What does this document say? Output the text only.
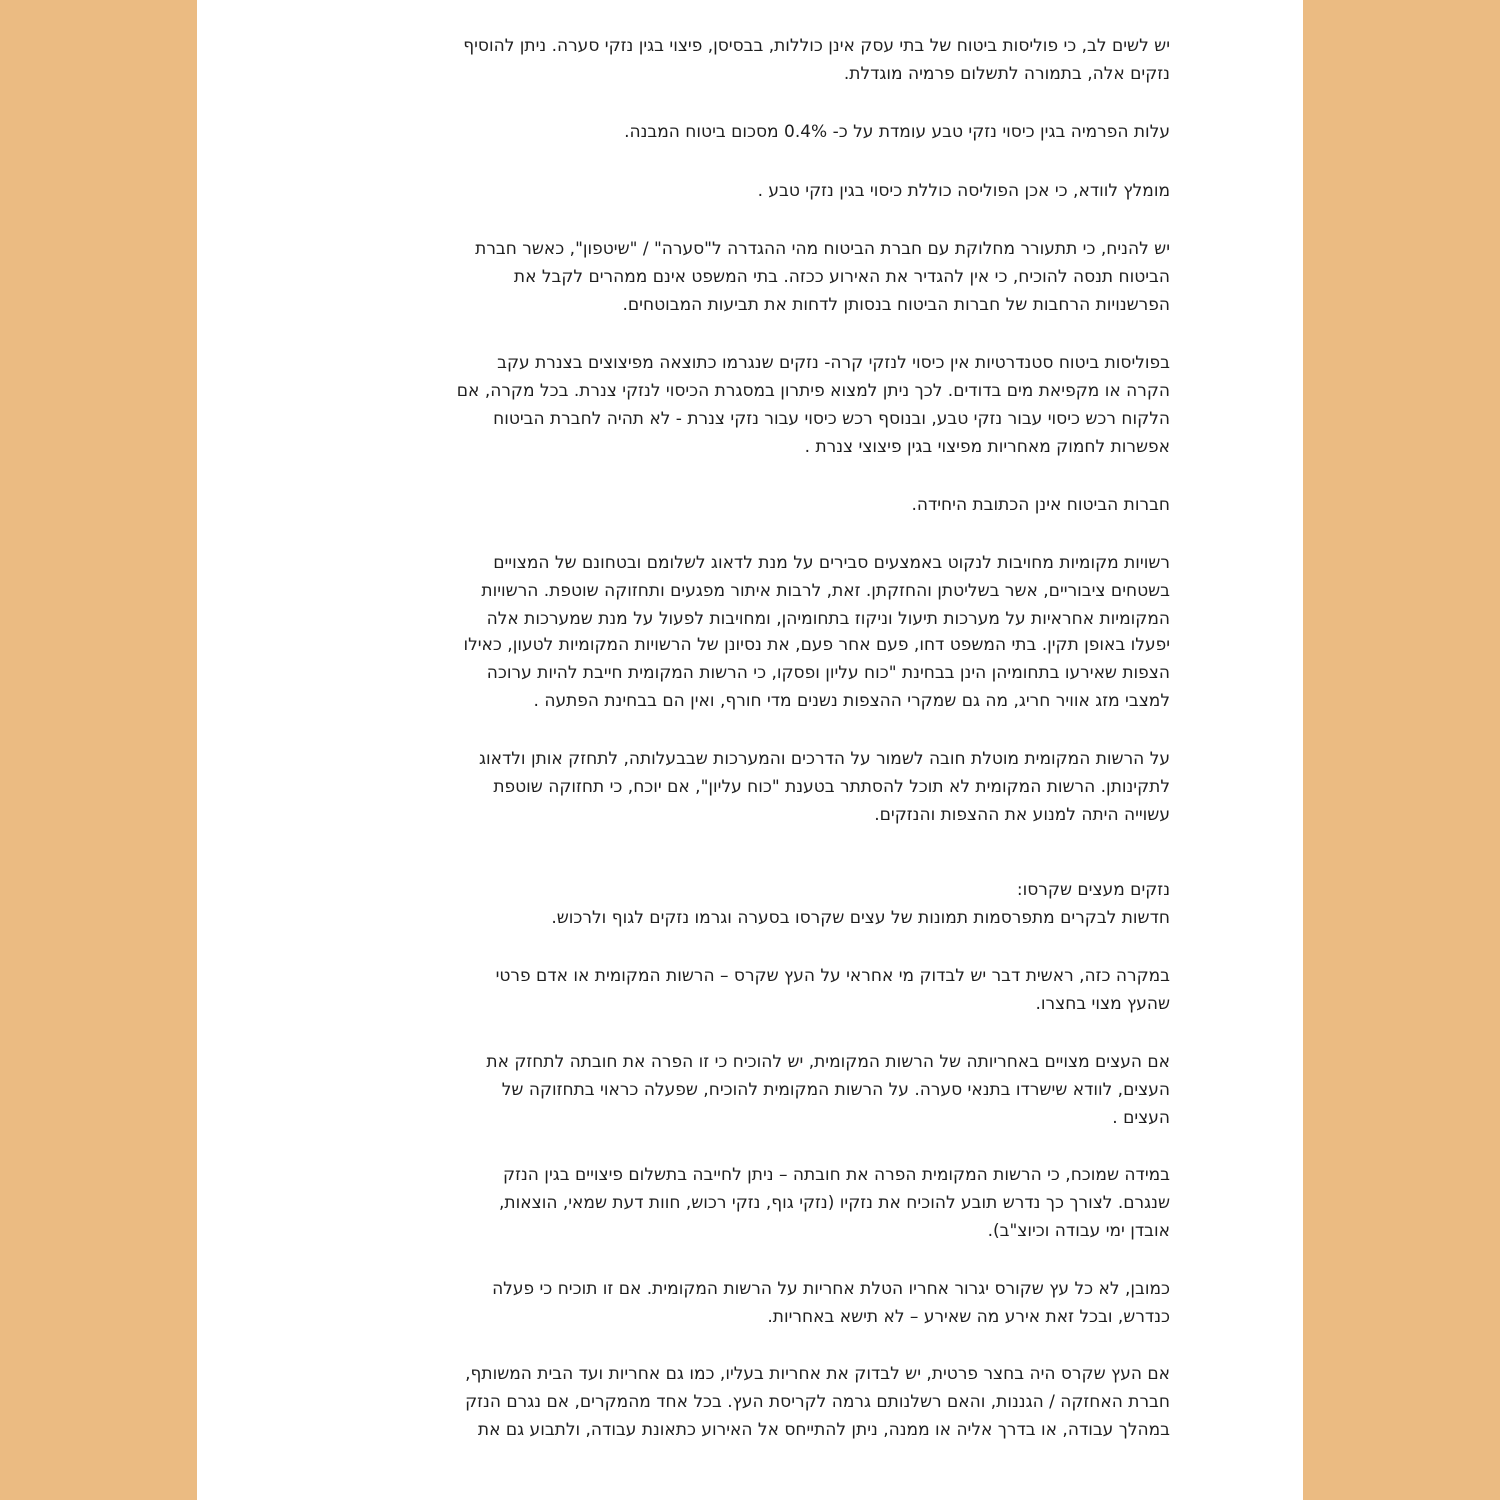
יש לשים לב, כי פוליסות ביטוח של בתי עסק אינן כוללות, בבסיסן, פיצוי בגין נזקי סערה. ניתן להוסיף
נזקים אלה, בתמורה לתשלום פרמיה מוגדלת.
עלות הפרמיה בגין כיסוי נזקי טבע עומדת על כ- 0.4% מסכום ביטוח המבנה.
מומלץ לוודא, כי אכן הפוליסה כוללת כיסוי בגין נזקי טבע .
יש להניח, כי תתעורר מחלוקת עם חברת הביטוח מהי ההגדרה ל"סערה" / "שיטפון", כאשר חברת
הביטוח תנסה להוכיח, כי אין להגדיר את האירוע ככזה. בתי המשפט אינם ממהרים לקבל את
הפרשנויות הרחבות של חברות הביטוח בנסותן לדחות את תביעות המבוטחים.
בפוליסות ביטוח סטנדרטיות אין כיסוי לנזקי קרה- נזקים שנגרמו כתוצאה מפיצוצים בצנרת עקב
הקרה או מקפיאת מים בדודים. לכך ניתן למצוא פיתרון במסגרת הכיסוי לנזקי צנרת. בכל מקרה, אם
הלקוח רכש כיסוי עבור נזקי טבע, ובנוסף רכש כיסוי עבור נזקי צנרת - לא תהיה לחברת הביטוח
אפשרות לחמוק מאחריות מפיצוי בגין פיצוצי צנרת .
חברות הביטוח אינן הכתובת היחידה.
רשויות מקומיות מחויבות לנקוט באמצעים סבירים על מנת לדאוג לשלומם ובטחונם של המצויים
בשטחים ציבוריים, אשר בשליטתן והחזקתן. זאת, לרבות איתור מפגעים ותחזוקה שוטפת. הרשויות
המקומיות אחראיות על מערכות תיעול וניקוז בתחומיהן, ומחויבות לפעול על מנת שמערכות אלה
יפעלו באופן תקין. בתי המשפט דחו, פעם אחר פעם, את נסיונן של הרשויות המקומיות לטעון, כאילו
הצפות שאירעו בתחומיהן הינן בבחינת "כוח עליון ופסקו, כי הרשות המקומית חייבת להיות ערוכה
למצבי מזג אוויר חריג, מה גם שמקרי ההצפות נשנים מדי חורף, ואין הם בבחינת הפתעה .
על הרשות המקומית מוטלת חובה לשמור על הדרכים והמערכות שבבעלותה, לתחזק אותן ולדאוג
לתקינותן. הרשות המקומית לא תוכל להסתתר בטענת "כוח עליון", אם יוכח, כי תחזוקה שוטפת
עשוייה היתה למנוע את ההצפות והנזקים.
נזקים מעצים שקרסו:
חדשות לבקרים מתפרסמות תמונות של עצים שקרסו בסערה וגרמו נזקים לגוף ולרכוש.
במקרה כזה, ראשית דבר יש לבדוק מי אחראי על העץ שקרס – הרשות המקומית או אדם פרטי
שהעץ מצוי בחצרו.
אם העצים מצויים באחריותה של הרשות המקומית, יש להוכיח כי זו הפרה את חובתה לתחזק את
העצים, לוודא שישרדו בתנאי סערה. על הרשות המקומית להוכיח, שפעלה כראוי בתחזוקה של
העצים .
במידה שמוכח, כי הרשות המקומית הפרה את חובתה – ניתן לחייבה בתשלום פיצויים בגין הנזק
שנגרם. לצורך כך נדרש תובע להוכיח את נזקיו (נזקי גוף, נזקי רכוש, חוות דעת שמאי, הוצאות,
אובדן ימי עבודה וכיוצ"ב).
כמובן, לא כל עץ שקורס יגרור אחריו הטלת אחריות על הרשות המקומית. אם זו תוכיח כי פעלה
כנדרש, ובכל זאת אירע מה שאירע – לא תישא באחריות.
אם העץ שקרס היה בחצר פרטית, יש לבדוק את אחריות בעליו, כמו גם אחריות ועד הבית המשותף,
חברת האחזקה / הגננות, והאם רשלנותם גרמה לקריסת העץ. בכל אחד מהמקרים, אם נגרם הנזק
במהלך עבודה, או בדרך אליה או ממנה, ניתן להתייחס אל האירוע כתאונת עבודה, ולתבוע גם את
